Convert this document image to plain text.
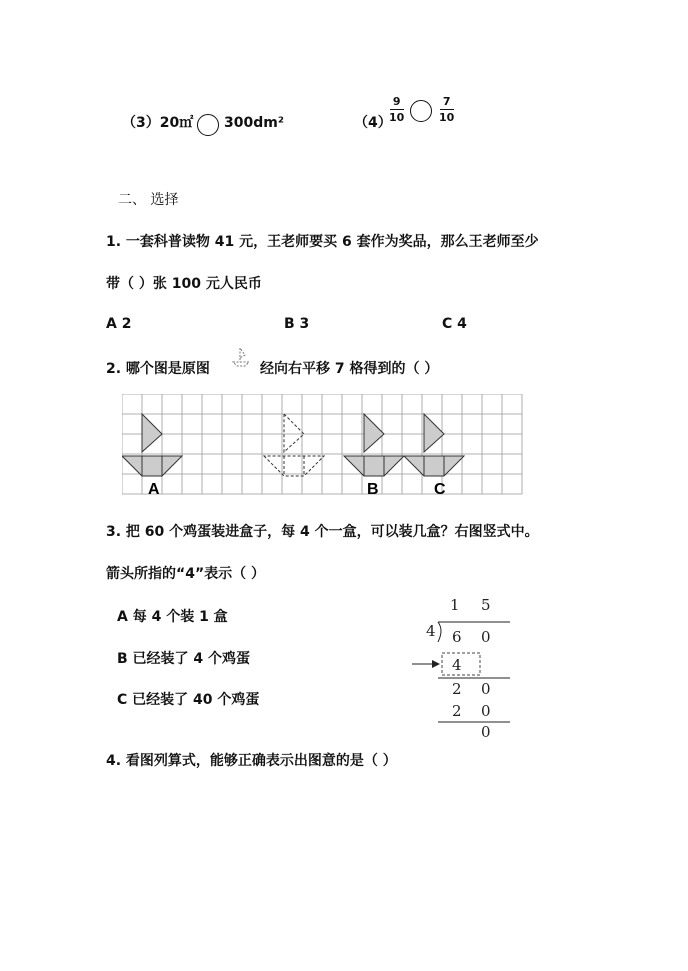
（3）20㎡ 300dm²	（4）
9
10
7
10
二、 选择
1. 一套科普读物 41 元，王老师要买 6 套作为奖品，那么王老师至少
带（ ）张 100 元人民币
A 2	B 3	C 4
2. 哪个图是原图	经向右平移 7 格得到的（ ）
A	B	C
3. 把 60 个鸡蛋装进盒子，每 4 个一盒，可以装几盒？右图竖式中。
箭头所指的“4”表示（ ）
A 每 4 个装 1 盒
B 已经装了 4 个鸡蛋
C 已经装了 40 个鸡蛋
1 5
4 6 0
4
2 0
2 0
0
4. 看图列算式，能够正确表示出图意的是（ ）
